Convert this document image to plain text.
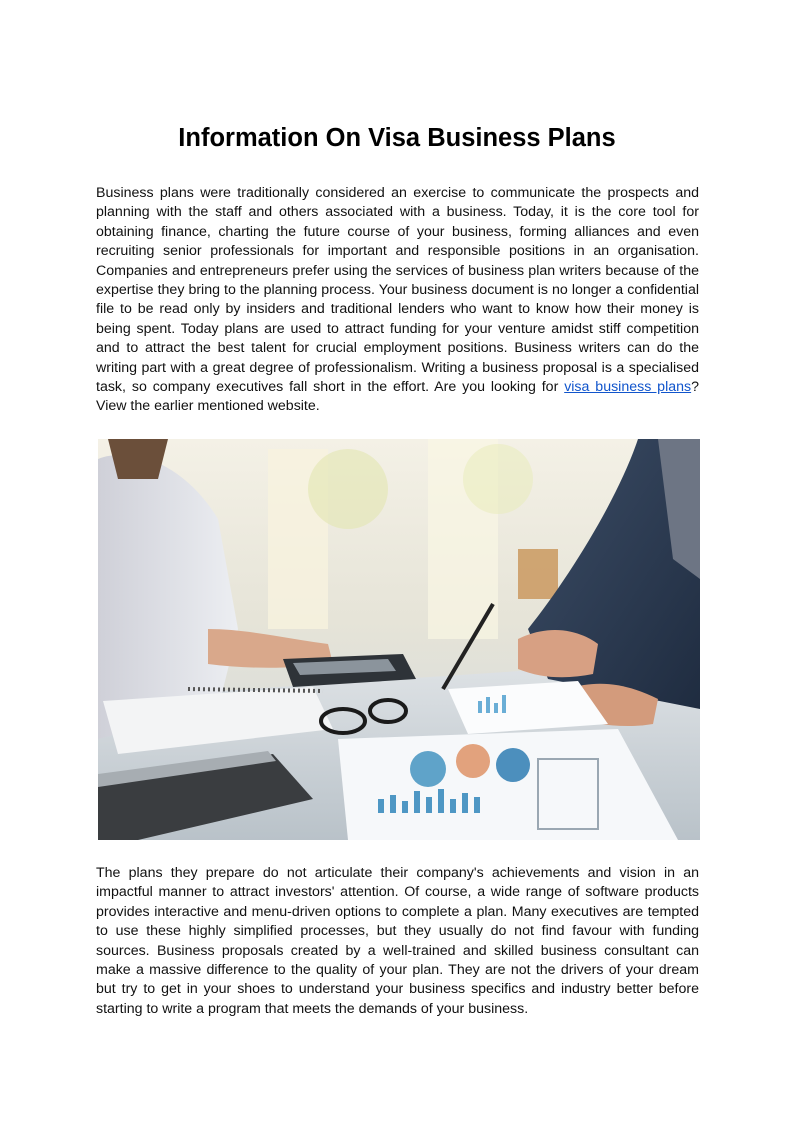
Information On Visa Business Plans

Business plans were traditionally considered an exercise to communicate the prospects and planning with the staff and others associated with a business. Today, it is the core tool for obtaining finance, charting the future course of your business, forming alliances and even recruiting senior professionals for important and responsible positions in an organisation. Companies and entrepreneurs prefer using the services of business plan writers because of the expertise they bring to the planning process. Your business document is no longer a confidential file to be read only by insiders and traditional lenders who want to know how their money is being spent. Today plans are used to attract funding for your venture amidst stiff competition and to attract the best talent for crucial employment positions. Business writers can do the writing part with a great degree of professionalism. Writing a business proposal is a specialised task, so company executives fall short in the effort. Are you looking for visa business plans? View the earlier mentioned website.

The plans they prepare do not articulate their company's achievements and vision in an impactful manner to attract investors' attention. Of course, a wide range of software products provides interactive and menu-driven options to complete a plan. Many executives are tempted to use these highly simplified processes, but they usually do not find favour with funding sources. Business proposals created by a well-trained and skilled business consultant can make a massive difference to the quality of your plan. They are not the drivers of your dream but try to get in your shoes to understand your business specifics and industry better before starting to write a program that meets the demands of your business.
